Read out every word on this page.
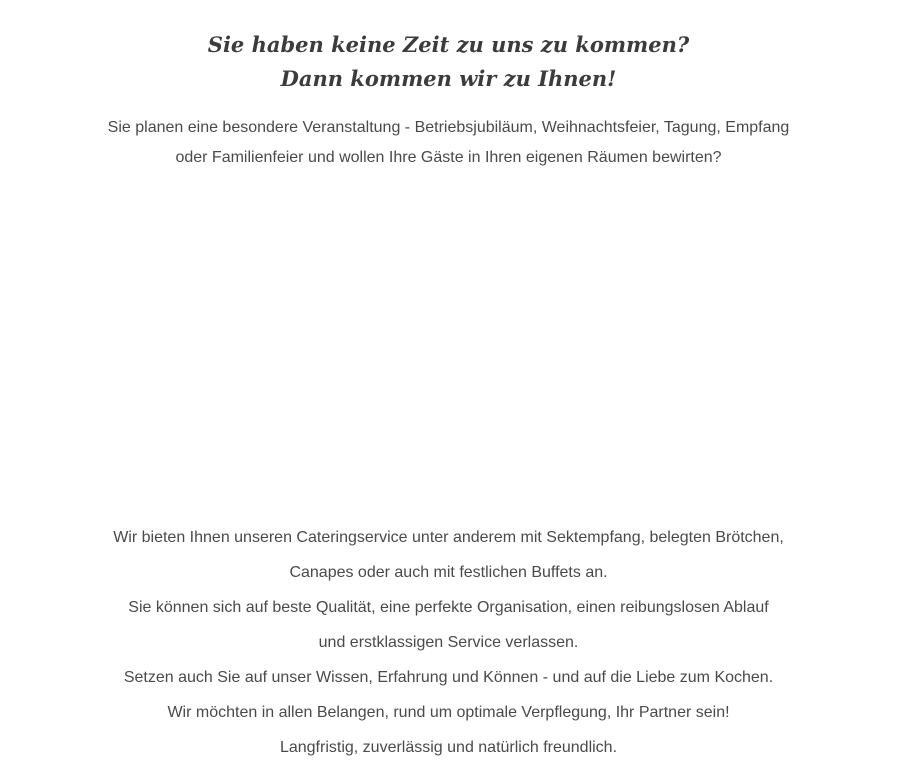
Sie haben keine Zeit zu uns zu kommen?
Dann kommen wir zu Ihnen!

Sie planen eine besondere Veranstaltung - Betriebsjubiläum, Weihnachtsfeier, Tagung, Empfang

oder Familienfeier und wollen Ihre Gäste in Ihren eigenen Räumen bewirten?

Wir bieten Ihnen unseren Cateringservice unter anderem mit Sektempfang, belegten Brötchen,

Canapes oder auch mit festlichen Buffets an.

Sie können sich auf beste Qualität, eine perfekte Organisation, einen reibungslosen Ablauf

und erstklassigen Service verlassen.

Setzen auch Sie auf unser Wissen, Erfahrung und Können - und auf die Liebe zum Kochen.

Wir möchten in allen Belangen, rund um optimale Verpflegung, Ihr Partner sein!

Langfristig, zuverlässig und natürlich freundlich.
